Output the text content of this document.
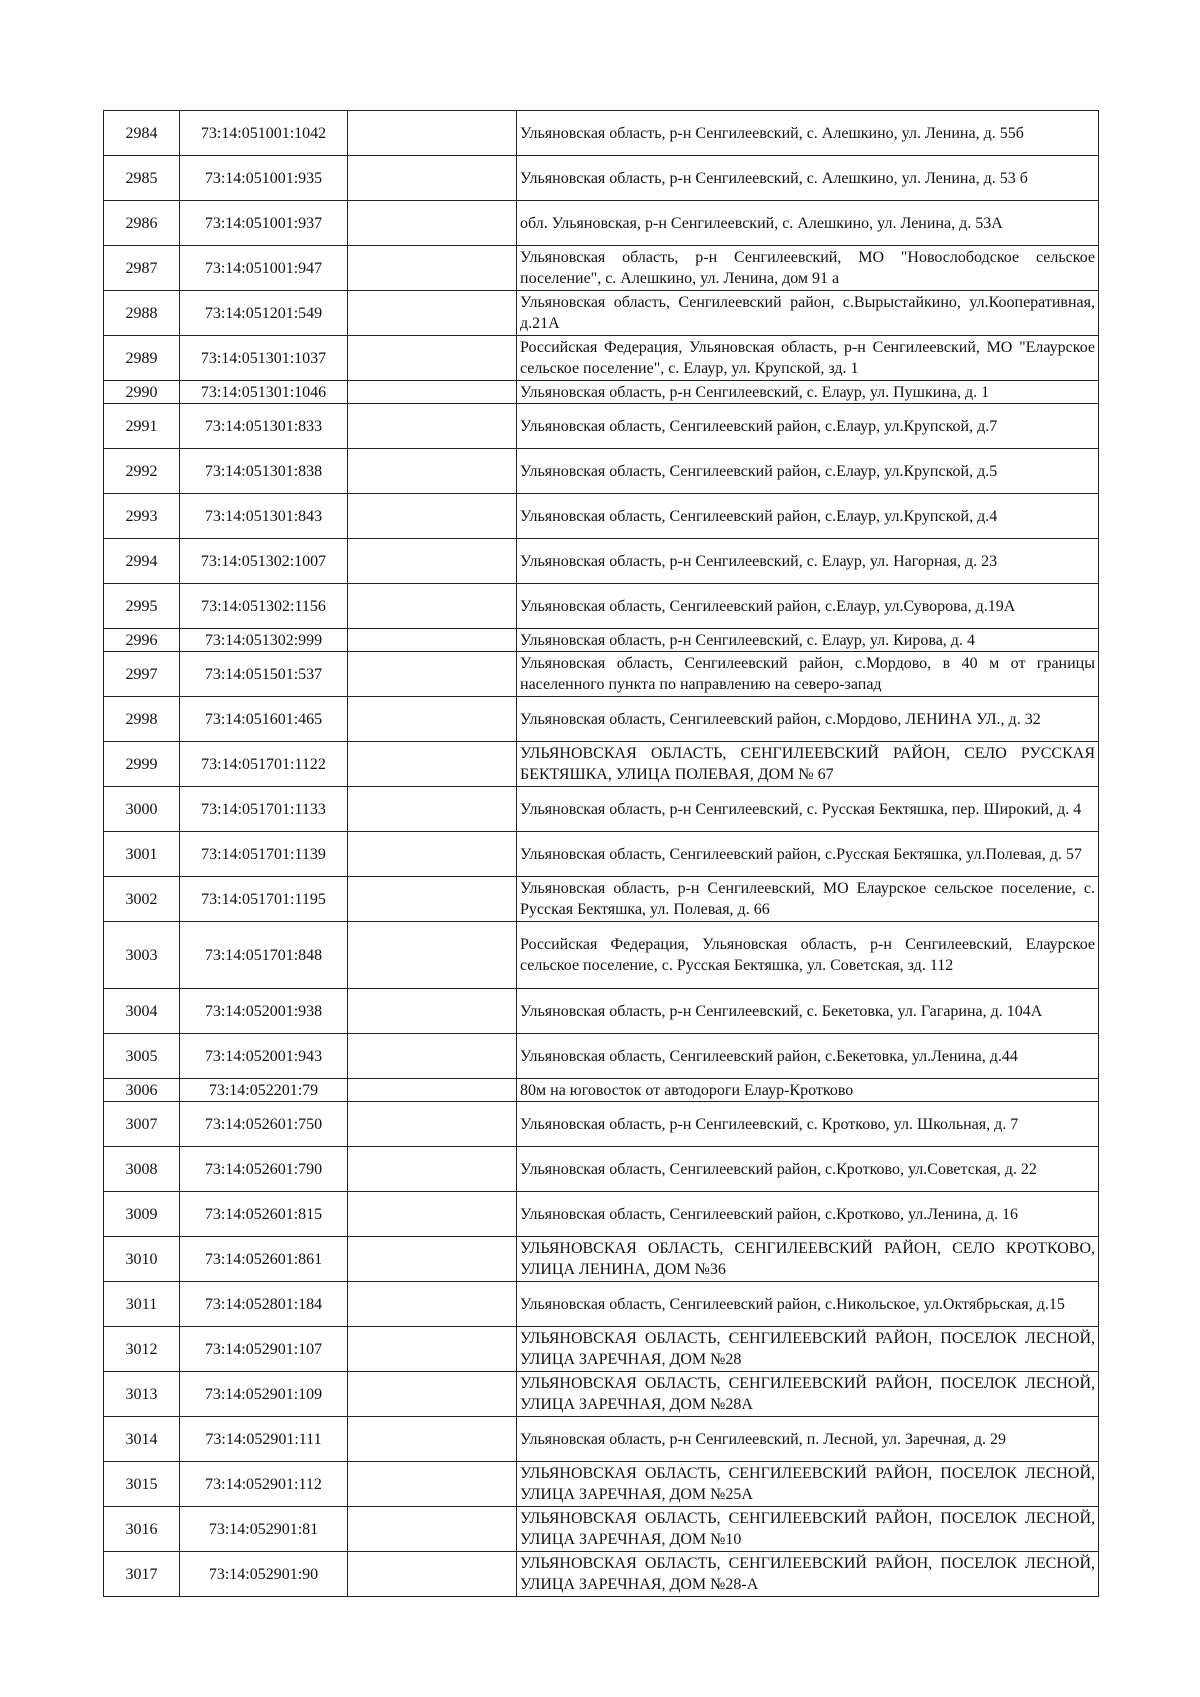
2984	73:14:051001:1042		Ульяновская область, р-н Сенгилеевский, с. Алешкино, ул. Ленина, д. 55б
2985	73:14:051001:935		Ульяновская область, р-н Сенгилеевский, с. Алешкино, ул. Ленина, д. 53 б
2986	73:14:051001:937		обл. Ульяновская, р-н Сенгилеевский, с. Алешкино, ул. Ленина, д. 53А
2987	73:14:051001:947		Ульяновская область, р-н Сенгилеевский, МО "Новослободское сельское поселение", с. Алешкино, ул. Ленина, дом 91 а
2988	73:14:051201:549		Ульяновская область, Сенгилеевский район, с.Вырыстайкино, ул.Кооперативная, д.21А
2989	73:14:051301:1037		Российская Федерация, Ульяновская область, р-н Сенгилеевский, МО "Елаурское сельское поселение", с. Елаур, ул. Крупской, зд. 1
2990	73:14:051301:1046		Ульяновская область, р-н Сенгилеевский, с. Елаур, ул. Пушкина, д. 1
2991	73:14:051301:833		Ульяновская область, Сенгилеевский район, с.Елаур, ул.Крупской, д.7
2992	73:14:051301:838		Ульяновская область, Сенгилеевский район, с.Елаур, ул.Крупской, д.5
2993	73:14:051301:843		Ульяновская область, Сенгилеевский район, с.Елаур, ул.Крупской, д.4
2994	73:14:051302:1007		Ульяновская область, р-н Сенгилеевский, с. Елаур, ул. Нагорная, д. 23
2995	73:14:051302:1156		Ульяновская область, Сенгилеевский район, с.Елаур, ул.Суворова, д.19А
2996	73:14:051302:999		Ульяновская область, р-н Сенгилеевский, с. Елаур, ул. Кирова, д. 4
2997	73:14:051501:537		Ульяновская область, Сенгилеевский район, с.Мордово, в 40 м от границы населенного пункта по направлению на северо-запад
2998	73:14:051601:465		Ульяновская область, Сенгилеевский район, с.Мордово, ЛЕНИНА УЛ., д. 32
2999	73:14:051701:1122		УЛЬЯНОВСКАЯ ОБЛАСТЬ, СЕНГИЛЕЕВСКИЙ РАЙОН, СЕЛО РУССКАЯ БЕКТЯШКА, УЛИЦА ПОЛЕВАЯ, ДОМ № 67
3000	73:14:051701:1133		Ульяновская область, р-н Сенгилеевский, с. Русская Бектяшка, пер. Широкий, д. 4
3001	73:14:051701:1139		Ульяновская область, Сенгилеевский район, с.Русская Бектяшка, ул.Полевая, д. 57
3002	73:14:051701:1195		Ульяновская область, р-н Сенгилеевский, МО Елаурское сельское поселение, с. Русская Бектяшка, ул. Полевая, д. 66
3003	73:14:051701:848		Российская Федерация, Ульяновская область, р-н Сенгилеевский, Елаурское сельское поселение, с. Русская Бектяшка, ул. Советская, зд. 112
3004	73:14:052001:938		Ульяновская область, р-н Сенгилеевский, с. Бекетовка, ул. Гагарина, д. 104А
3005	73:14:052001:943		Ульяновская область, Сенгилеевский район, с.Бекетовка, ул.Ленина, д.44
3006	73:14:052201:79		80м на юговосток от автодороги Елаур-Кротково
3007	73:14:052601:750		Ульяновская область, р-н Сенгилеевский, с. Кротково, ул. Школьная, д. 7
3008	73:14:052601:790		Ульяновская область, Сенгилеевский район, с.Кротково, ул.Советская, д. 22
3009	73:14:052601:815		Ульяновская область, Сенгилеевский район, с.Кротково, ул.Ленина, д. 16
3010	73:14:052601:861		УЛЬЯНОВСКАЯ ОБЛАСТЬ, СЕНГИЛЕЕВСКИЙ РАЙОН, СЕЛО КРОТКОВО, УЛИЦА ЛЕНИНА, ДОМ №36
3011	73:14:052801:184		Ульяновская область, Сенгилеевский район, с.Никольское, ул.Октябрьская, д.15
3012	73:14:052901:107		УЛЬЯНОВСКАЯ ОБЛАСТЬ, СЕНГИЛЕЕВСКИЙ РАЙОН, ПОСЕЛОК ЛЕСНОЙ, УЛИЦА ЗАРЕЧНАЯ, ДОМ №28
3013	73:14:052901:109		УЛЬЯНОВСКАЯ ОБЛАСТЬ, СЕНГИЛЕЕВСКИЙ РАЙОН, ПОСЕЛОК ЛЕСНОЙ, УЛИЦА ЗАРЕЧНАЯ, ДОМ №28А
3014	73:14:052901:111		Ульяновская область, р-н Сенгилеевский, п. Лесной, ул. Заречная, д. 29
3015	73:14:052901:112		УЛЬЯНОВСКАЯ ОБЛАСТЬ, СЕНГИЛЕЕВСКИЙ РАЙОН, ПОСЕЛОК ЛЕСНОЙ, УЛИЦА ЗАРЕЧНАЯ, ДОМ №25А
3016	73:14:052901:81		УЛЬЯНОВСКАЯ ОБЛАСТЬ, СЕНГИЛЕЕВСКИЙ РАЙОН, ПОСЕЛОК ЛЕСНОЙ, УЛИЦА ЗАРЕЧНАЯ, ДОМ №10
3017	73:14:052901:90		УЛЬЯНОВСКАЯ ОБЛАСТЬ, СЕНГИЛЕЕВСКИЙ РАЙОН, ПОСЕЛОК ЛЕСНОЙ, УЛИЦА ЗАРЕЧНАЯ, ДОМ №28-А
